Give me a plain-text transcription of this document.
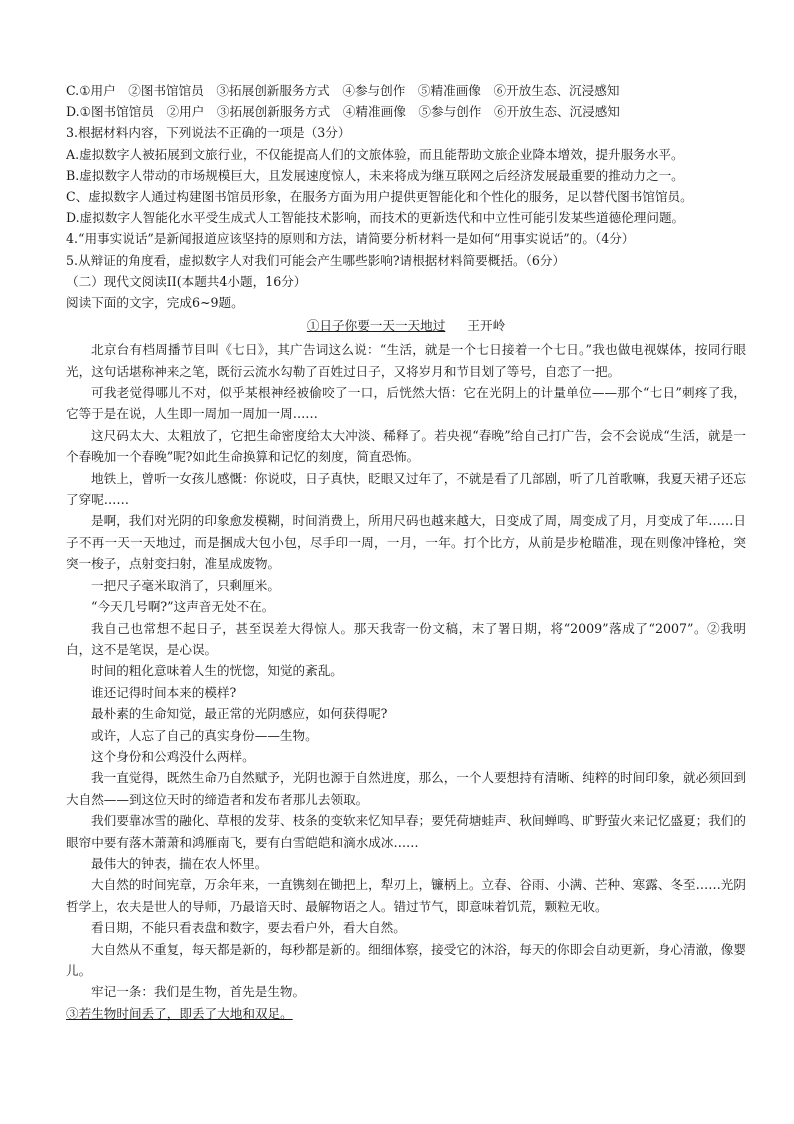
C.①用户　②图书馆馆员　③拓展创新服务方式　④参与创作　⑤精准画像　⑥开放生态、沉浸感知
D.①图书馆馆员　②用户　③拓展创新服务方式　④精准画像　⑤参与创作　⑥开放生态、沉浸感知
3.根据材料内容，下列说法不正确的一项是（3分）
A.虚拟数字人被拓展到文旅行业，不仅能提高人们的文旅体验，而且能帮助文旅企业降本增效，提升服务水平。
B.虚拟数字人带动的市场规模巨大，且发展速度惊人，未来将成为继互联网之后经济发展最重要的推动力之一。
C、虚拟数字人通过构建图书馆员形象，在服务方面为用户提供更智能化和个性化的服务，足以替代图书馆馆员。
D.虚拟数字人智能化水平受生成式人工智能技术影响，而技术的更新迭代和中立性可能引发某些道德伦理问题。
4.“用事实说话”是新闻报道应该坚持的原则和方法，请简要分析材料一是如何“用事实说话”的。（4分）
5.从辩证的角度看，虚拟数字人对我们可能会产生哪些影响?请根据材料简要概括。（6分）
（二）现代文阅读II(本题共4小题，16分）
阅读下面的文字，完成6~9题。
①日子你要一天一天地过 王开岭
北京台有档周播节目叫《七日》，其广告词这么说：“生活，就是一个七日接着一个七日。”我也做电视媒体，按同行眼光，这句话堪称神来之笔，既衍云流水勾勒了百姓过日子，又将岁月和节目划了等号，自恋了一把。
可我老觉得哪儿不对，似乎某根神经被偷咬了一口，后恍然大悟：它在光阴上的计量单位——那个“七日”刺疼了我，它等于是在说，人生即一周加一周加一周……
这尺码太大、太粗放了，它把生命密度给太大冲淡、稀释了。若央视“春晚”给自己打广告，会不会说成“生活，就是一个春晚加一个春晚”呢?如此生命换算和记忆的刻度，简直恐怖。
地铁上，曾听一女孩儿感慨：你说哎，日子真快，眨眼又过年了，不就是看了几部剧，听了几首歌嘛，我夏天裙子还忘了穿呢……
是啊，我们对光阴的印象愈发模糊，时间消费上，所用尺码也越来越大，日变成了周，周变成了月，月变成了年……日子不再一天一天地过，而是捆成大包小包，尽手印一周，一月，一年。打个比方，从前是步枪瞄准，现在则像冲锋枪，突突一梭子，点射变扫射，准星成废物。
一把尺子毫米取消了，只剩厘米。
“今天几号啊?”这声音无处不在。
我自己也常想不起日子，甚至误差大得惊人。那天我寄一份文稿，末了署日期，将“2009”落成了“2007”。②我明白，这不是笔误，是心误。
时间的粗化意味着人生的恍惚，知觉的紊乱。
谁还记得时间本来的模样?
最朴素的生命知觉，最正常的光阴感应，如何获得呢?
或许，人忘了自己的真实身份——生物。
这个身份和公鸡没什么两样。
我一直觉得，既然生命乃自然赋予，光阴也源于自然进度，那么，一个人要想持有清晰、纯粹的时间印象，就必须回到大自然——到这位天时的缔造者和发布者那儿去领取。
我们要靠冰雪的融化、草根的发芽、枝条的变软来忆知早春；要凭荷塘蛙声、秋间蝉鸣、旷野萤火来记忆盛夏；我们的眼帘中要有落木萧萧和鸿雁南飞，要有白雪皑皑和滴水成冰……
最伟大的钟表，揣在农人怀里。
大自然的时间宪章，万余年来，一直镌刻在锄把上，犁刃上，镰柄上。立春、谷雨、小满、芒种、寒露、冬至……光阴哲学上，农夫是世人的导师，乃最谙天时、最解物语之人。错过节气，即意味着饥荒，颗粒无收。
看日期，不能只看表盘和数字，要去看户外，看大自然。
大自然从不重复，每天都是新的，每秒都是新的。细细体察，接受它的沐浴，每天的你即会自动更新，身心清澈，像婴儿。
牢记一条：我们是生物，首先是生物。
③若生物时间丢了，即丢了大地和双足。
